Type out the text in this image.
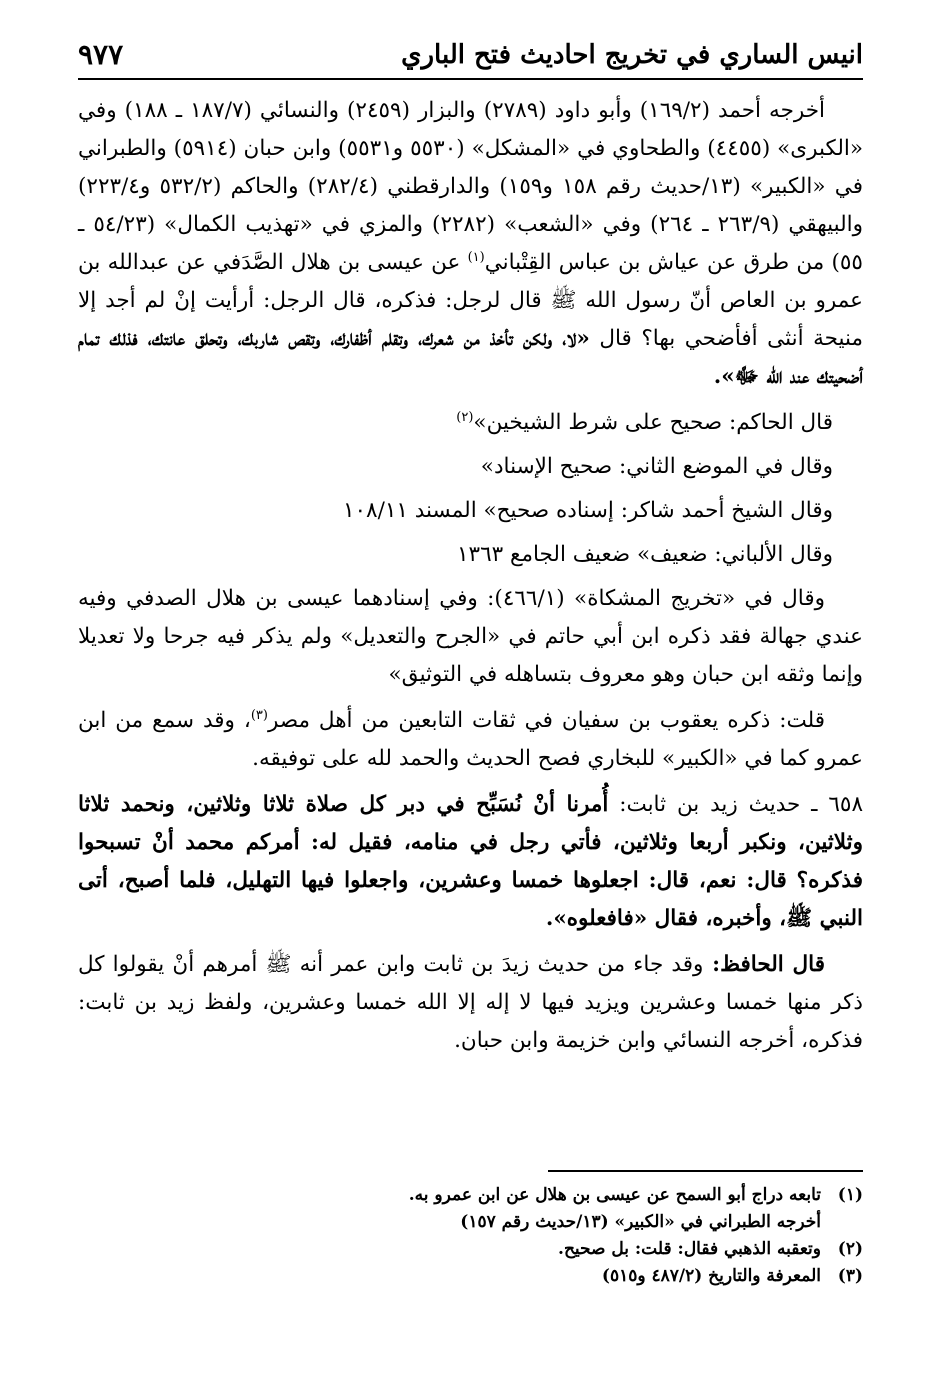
انيس الساري في تخريج احاديث فتح الباري
٩٧٧

أخرجه أحمد (١٦٩/٢) وأبو داود (٢٧٨٩) والبزار (٢٤٥٩) والنسائي (١٨٧/٧ ـ ١٨٨) وفي «الكبرى» (٤٤٥٥) والطحاوي في «المشكل» (٥٥٣٠ و٥٥٣١) وابن حبان (٥٩١٤) والطبراني في «الكبير» (١٣/حديث رقم ١٥٨ و١٥٩) والدارقطني (٢٨٢/٤) والحاكم (٥٣٢/٢ و٢٢٣/٤) والبيهقي (٢٦٣/٩ ـ ٢٦٤) وفي «الشعب» (٢٢٨٢) والمزي في «تهذيب الكمال» (٥٤/٢٣ ـ ٥٥) من طرق عن عياش بن عباس القِتْباني$^{(١)}$ عن عيسى بن هلال الصَّدَفي عن عبدالله بن عمرو بن العاص أنّ رسول الله ﷺ قال لرجل: فذكره، قال الرجل: أرأيت إنْ لم أجد إلا منيحة أنثى أفأضحي بها؟ قال «لا، ولكن تأخذ من شعرك، وتقلم أظفارك، وتقص شاربك، وتحلق عانتك، فذلك تمام أضحيتك عند الله ﷻ».

قال الحاكم: صحيح على شرط الشيخين»$^{(٢)}$

وقال في الموضع الثاني: صحيح الإسناد»

وقال الشيخ أحمد شاكر: إسناده صحيح» المسند ١٠٨/١١

وقال الألباني: ضعيف» ضعيف الجامع ١٣٦٣

وقال في «تخريج المشكاة» (٤٦٦/١): وفي إسنادهما عيسى بن هلال الصدفي وفيه عندي جهالة فقد ذكره ابن أبي حاتم في «الجرح والتعديل» ولم يذكر فيه جرحا ولا تعديلا وإنما وثقه ابن حبان وهو معروف بتساهله في التوثيق»

قلت: ذكره يعقوب بن سفيان في ثقات التابعين من أهل مصر$^{(٣)}$، وقد سمع من ابن عمرو كما في «الكبير» للبخاري فصح الحديث والحمد لله على توفيقه.

٦٥٨ ـ حديث زيد بن ثابت: أُمرنا أنْ نُسَبِّح في دبر كل صلاة ثلاثا وثلاثين، ونحمد ثلاثا وثلاثين، ونكبر أربعا وثلاثين، فأتي رجل في منامه، فقيل له: أمركم محمد أنْ تسبحوا فذكره؟ قال: نعم، قال: اجعلوها خمسا وعشرين، واجعلوا فيها التهليل، فلما أصبح، أتى النبي ﷺ، وأخبره، فقال «فافعلوه».

قال الحافظ: وقد جاء من حديث زيدَ بن ثابت وابن عمر أنه ﷺ أمرهم أنْ يقولوا كل ذكر منها خمسا وعشرين ويزيد فيها لا إله إلا الله خمسا وعشرين، ولفظ زيد بن ثابت: فذكره، أخرجه النسائي وابن خزيمة وابن حبان.

(١)
تابعه دراج أبو السمح عن عيسى بن هلال عن ابن عمرو به.
أخرجه الطبراني في «الكبير» (١٣/حديث رقم ١٥٧)
(٢)
وتعقبه الذهبي فقال: قلت: بل صحيح.
(٣)
المعرفة والتاريخ (٤٨٧/٢ و٥١٥)
